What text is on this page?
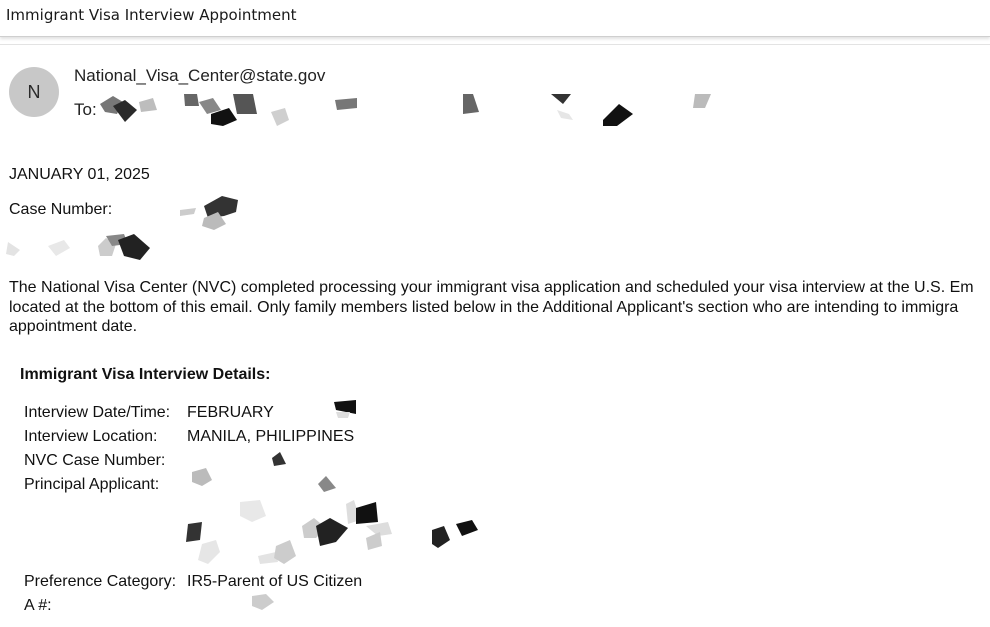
Immigrant Visa Interview Appointment
N
National_Visa_Center@state.gov
To:
JANUARY 01, 2025
Case Number:
The National Visa Center (NVC) completed processing your immigrant visa application and scheduled your visa interview at the U.S. Em
located at the bottom of this email. Only family members listed below in the Additional Applicant's section who are intending to immigra
appointment date.
Immigrant Visa Interview Details:
Interview Date/Time: FEBRUARY
Interview Location: MANILA, PHILIPPINES
NVC Case Number:
Principal Applicant:
Preference Category: IR5-Parent of US Citizen
A #:
